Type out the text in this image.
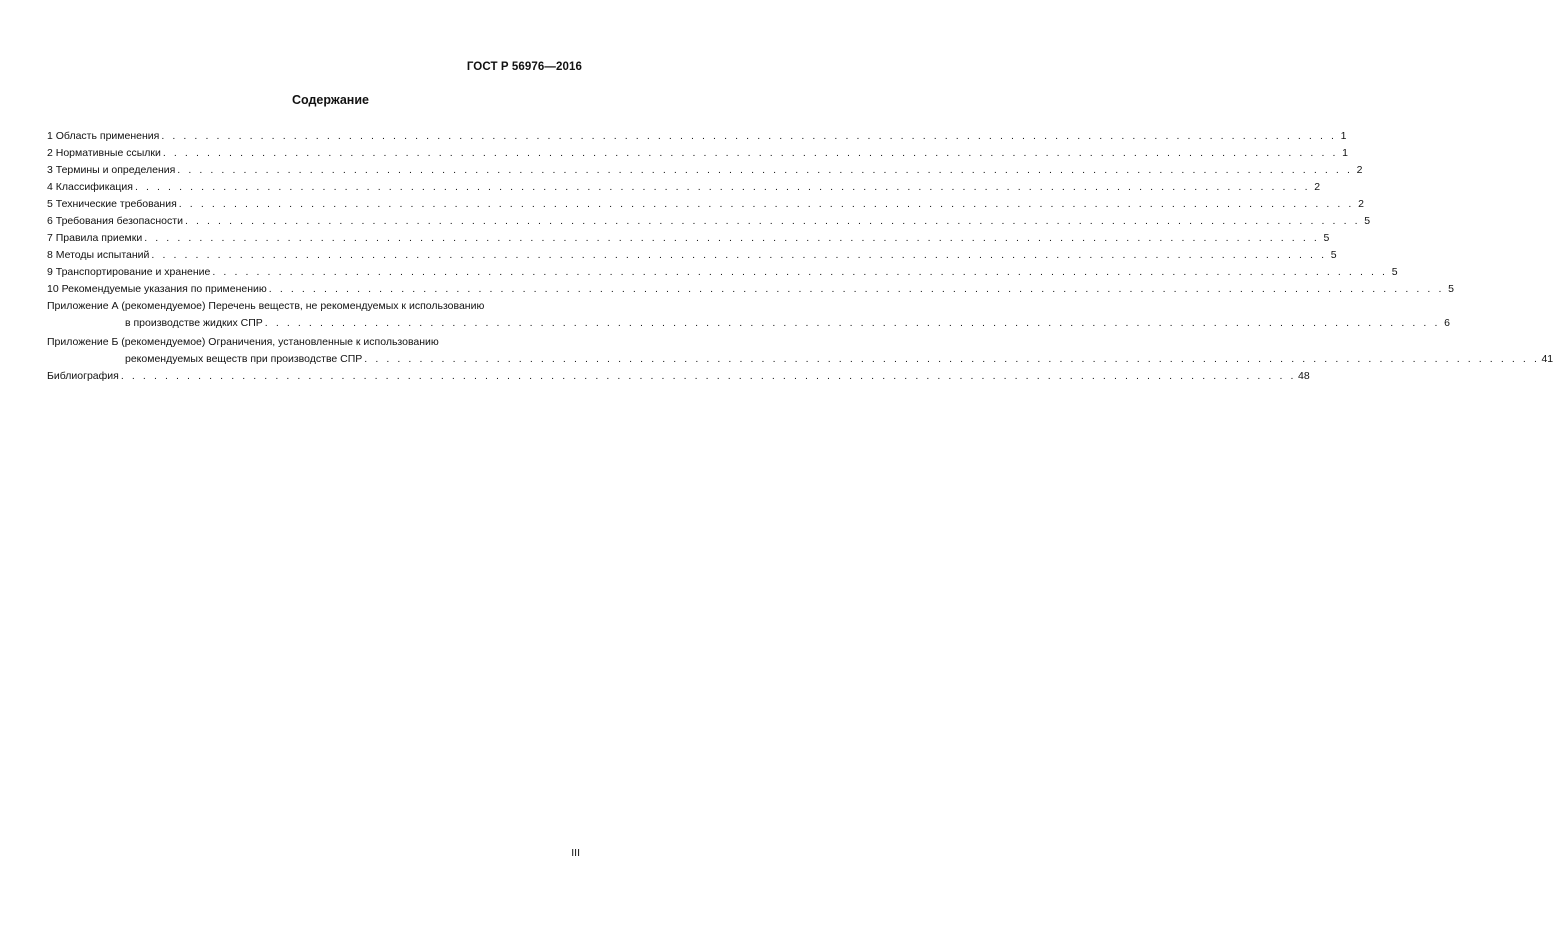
ГОСТ Р 56976—2016
Содержание
1 Область применения . . . . . . . . . . . . . . . . . . . . . . . . . . . . . . . . . . . . . . . . . . . . . . . . . . . . . . . . . . . . . . . . . . . . . . . . . . . . . . . . . . . . . . . . . . . . . . . . . . . . . . . . . . . 1
2 Нормативные ссылки . . . . . . . . . . . . . . . . . . . . . . . . . . . . . . . . . . . . . . . . . . . . . . . . . . . . . . . . . . . . . . . . . . . . . . . . . . . . . . . . . . . . . . . . . . . . . . . . . . . . . . . . . . . 1
3 Термины и определения . . . . . . . . . . . . . . . . . . . . . . . . . . . . . . . . . . . . . . . . . . . . . . . . . . . . . . . . . . . . . . . . . . . . . . . . . . . . . . . . . . . . . . . . . . . . . . . . . . . . . . . . . . . 2
4 Классификация . . . . . . . . . . . . . . . . . . . . . . . . . . . . . . . . . . . . . . . . . . . . . . . . . . . . . . . . . . . . . . . . . . . . . . . . . . . . . . . . . . . . . . . . . . . . . . . . . . . . . . . . . . . 2
5 Технические требования . . . . . . . . . . . . . . . . . . . . . . . . . . . . . . . . . . . . . . . . . . . . . . . . . . . . . . . . . . . . . . . . . . . . . . . . . . . . . . . . . . . . . . . . . . . . . . . . . . . . . . . . . . . 2
6 Требования безопасности . . . . . . . . . . . . . . . . . . . . . . . . . . . . . . . . . . . . . . . . . . . . . . . . . . . . . . . . . . . . . . . . . . . . . . . . . . . . . . . . . . . . . . . . . . . . . . . . . . . . . . . . . . . 5
7 Правила приемки . . . . . . . . . . . . . . . . . . . . . . . . . . . . . . . . . . . . . . . . . . . . . . . . . . . . . . . . . . . . . . . . . . . . . . . . . . . . . . . . . . . . . . . . . . . . . . . . . . . . . . . . . . . 5
8 Методы испытаний . . . . . . . . . . . . . . . . . . . . . . . . . . . . . . . . . . . . . . . . . . . . . . . . . . . . . . . . . . . . . . . . . . . . . . . . . . . . . . . . . . . . . . . . . . . . . . . . . . . . . . . . . . . 5
9 Транспортирование и хранение . . . . . . . . . . . . . . . . . . . . . . . . . . . . . . . . . . . . . . . . . . . . . . . . . . . . . . . . . . . . . . . . . . . . . . . . . . . . . . . . . . . . . . . . . . . . . . . . . . . . . . . . . . . 5
10 Рекомендуемые указания по применению . . . . . . . . . . . . . . . . . . . . . . . . . . . . . . . . . . . . . . . . . . . . . . . . . . . . . . . . . . . . . . . . . . . . . . . . . . . . . . . . . . . . . . . . . . . . . . . . . . . . . . . . . . . 5
Приложение А (рекомендуемое) Перечень веществ, не рекомендуемых к использованию
в производстве жидких СПР . . . . . . . . . . . . . . . . . . . . . . . . . . . . . . . . . . . . . . . . . . . . . . . . . . . . . . . . . . . . . . . . . . . . . . . . . . . . . . . . . . . . . . . . . . . . . . . . . . . . . . . . . . . 6
Приложение Б (рекомендуемое) Ограничения, установленные к использованию
рекомендуемых веществ при производстве СПР . . . . . . . . . . . . . . . . . . . . . . . . . . . . . . . . . . . . . . . . . . . . . . . . . . . . . . . . . . . . . . . . . . . . . . . . . . . . . . . . . . . . . . . . . . . . . . . . . . . . . . . . . . . 41
Библиография . . . . . . . . . . . . . . . . . . . . . . . . . . . . . . . . . . . . . . . . . . . . . . . . . . . . . . . . . . . . . . . . . . . . . . . . . . . . . . . . . . . . . . . . . . . . . . . . . . . . . . . . . . . 48
III
